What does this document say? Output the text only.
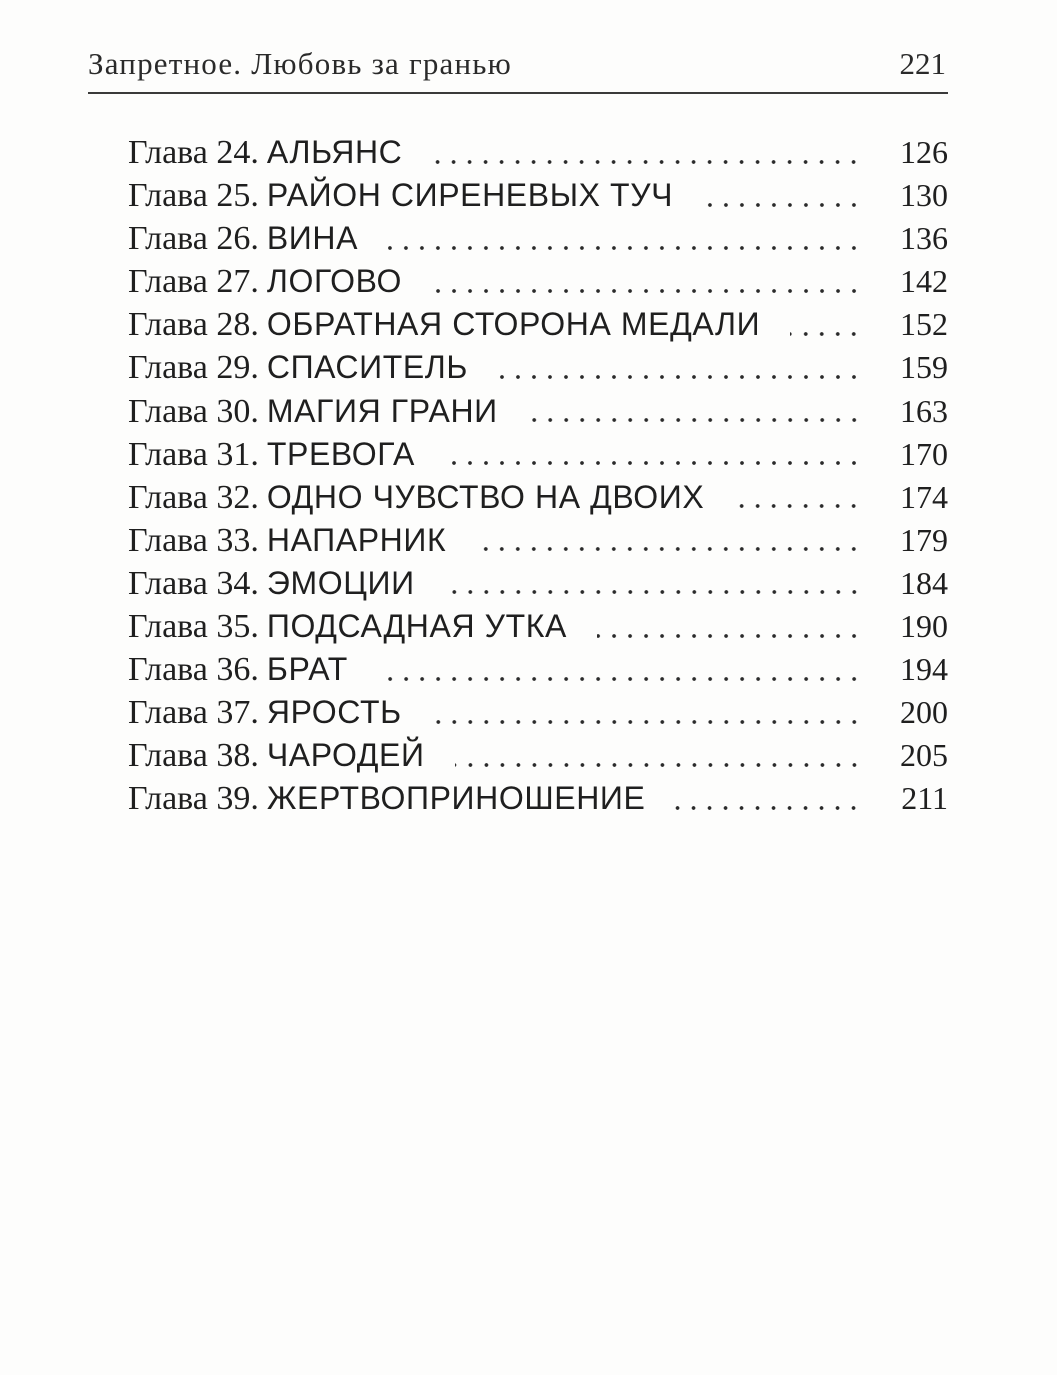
Запретное. Любовь за гранью	221
Глава 24. АЛЬЯНС	126
Глава 25. РАЙОН СИРЕНЕВЫХ ТУЧ	130
Глава 26. ВИНА	136
Глава 27. ЛОГОВО	142
Глава 28. ОБРАТНАЯ СТОРОНА МЕДАЛИ	152
Глава 29. СПАСИТЕЛЬ	159
Глава 30. МАГИЯ ГРАНИ	163
Глава 31. ТРЕВОГА	170
Глава 32. ОДНО ЧУВСТВО НА ДВОИХ	174
Глава 33. НАПАРНИК	179
Глава 34. ЭМОЦИИ	184
Глава 35. ПОДСАДНАЯ УТКА	190
Глава 36. БРАТ	194
Глава 37. ЯРОСТЬ	200
Глава 38. ЧАРОДЕЙ	205
Глава 39. ЖЕРТВОПРИНОШЕНИЕ	211
